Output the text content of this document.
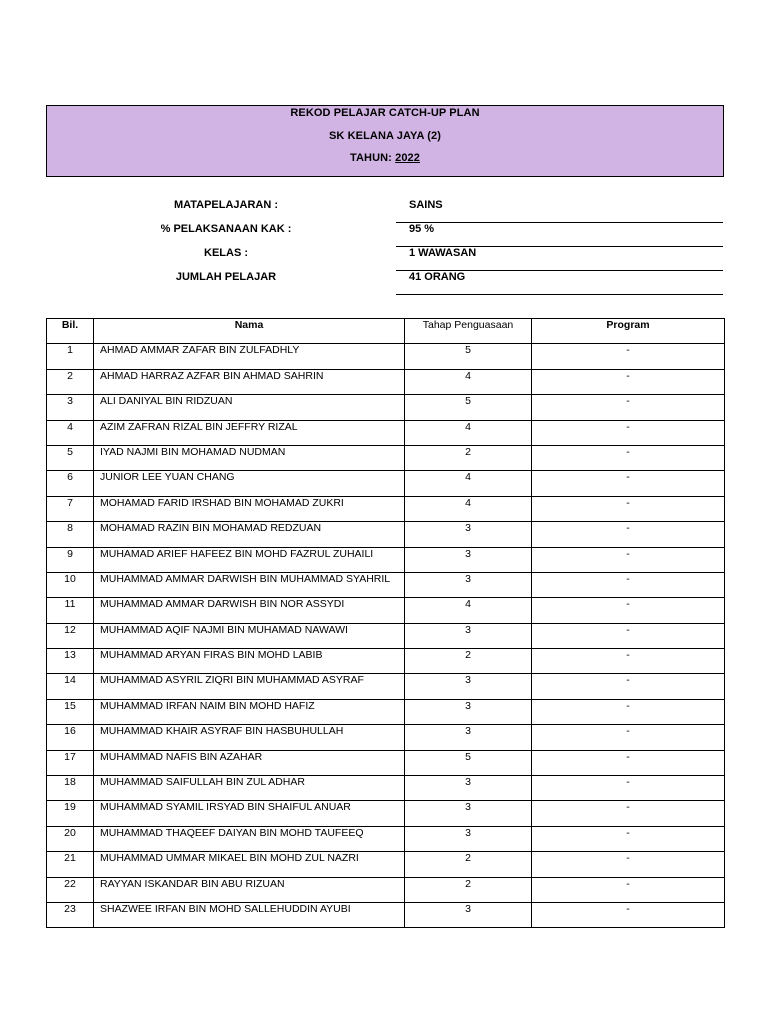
REKOD PELAJAR CATCH-UP PLAN
SK KELANA JAYA (2)
TAHUN: 2022
MATAPELAJARAN :	SAINS
% PELAKSANAAN KAK :	95 %
KELAS :	1 WAWASAN
JUMLAH PELAJAR	41 ORANG
Bil.	Nama	Tahap Penguasaan	Program
1	AHMAD AMMAR ZAFAR BIN ZULFADHLY	5	-
2	AHMAD HARRAZ AZFAR BIN AHMAD SAHRIN	4	-
3	ALI DANIYAL BIN RIDZUAN	5	-
4	AZIM ZAFRAN RIZAL BIN JEFFRY RIZAL	4	-
5	IYAD NAJMI BIN MOHAMAD NUDMAN	2	-
6	JUNIOR LEE YUAN CHANG	4	-
7	MOHAMAD FARID IRSHAD BIN MOHAMAD ZUKRI	4	-
8	MOHAMAD RAZIN BIN MOHAMAD REDZUAN	3	-
9	MUHAMAD ARIEF HAFEEZ BIN MOHD FAZRUL ZUHAILI	3	-
10	MUHAMMAD AMMAR DARWISH BIN MUHAMMAD SYAHRIL	3	-
11	MUHAMMAD AMMAR DARWISH BIN NOR ASSYDI	4	-
12	MUHAMMAD AQIF NAJMI BIN MUHAMAD NAWAWI	3	-
13	MUHAMMAD ARYAN FIRAS BIN MOHD LABIB	2	-
14	MUHAMMAD ASYRIL ZIQRI BIN MUHAMMAD ASYRAF	3	-
15	MUHAMMAD IRFAN NAIM BIN MOHD HAFIZ	3	-
16	MUHAMMAD KHAIR ASYRAF BIN HASBUHULLAH	3	-
17	MUHAMMAD NAFIS BIN AZAHAR	5	-
18	MUHAMMAD SAIFULLAH BIN ZUL ADHAR	3	-
19	MUHAMMAD SYAMIL IRSYAD BIN SHAIFUL ANUAR	3	-
20	MUHAMMAD THAQEEF DAIYAN BIN MOHD TAUFEEQ	3	-
21	MUHAMMAD UMMAR MIKAEL BIN MOHD ZUL NAZRI	2	-
22	RAYYAN ISKANDAR BIN ABU RIZUAN	2	-
23	SHAZWEE IRFAN BIN MOHD SALLEHUDDIN AYUBI	3	-
